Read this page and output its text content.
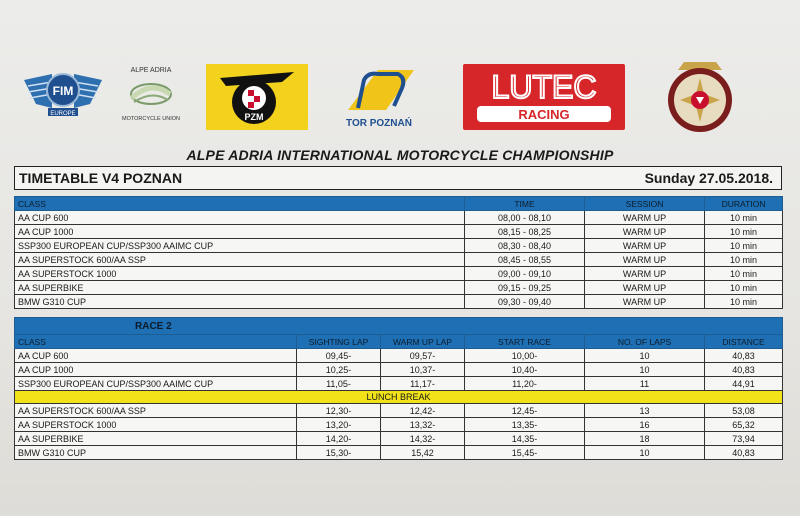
FIM
EUROPE
ALPE ADRIA
MOTORCYCLE UNION	PZM
TOR POZNAŃ
LUTEC
RACING
ALPE ADRIA INTERNATIONAL MOTORCYCLE CHAMPIONSHIP
TIMETABLE V4 POZNAN	Sunday 27.05.2018.

CLASS			TIME	SESSION	DURATION
AA CUP 600			08,00 - 08,10	WARM UP	10 min
AA CUP 1000			08,15 - 08,25	WARM UP	10 min
SSP300 EUROPEAN CUP/SSP300 AAIMC CUP			08,30 - 08,40	WARM UP	10 min
AA SUPERSTOCK 600/AA SSP			08,45 - 08,55	WARM UP	10 min
AA SUPERSTOCK 1000			09,00 - 09,10	WARM UP	10 min
AA SUPERBIKE			09,15 - 09,25	WARM UP	10 min
BMW G310 CUP			09,30 - 09,40	WARM UP	10 min

RACE 2					
CLASS	SIGHTING LAP	WARM UP LAP	START RACE	NO. OF LAPS	DISTANCE
AA CUP 600	09,45-	09,57-	10,00-	10	40,83
AA CUP 1000	10,25-	10,37-	10,40-	10	40,83
SSP300 EUROPEAN CUP/SSP300 AAIMC CUP	11,05-	11,17-	11,20-	11	44,91
LUNCH BREAK					
AA SUPERSTOCK 600/AA SSP	12,30-	12,42-	12,45-	13	53,08
AA SUPERSTOCK 1000	13,20-	13,32-	13,35-	16	65,32
AA SUPERBIKE	14,20-	14,32-	14,35-	18	73,94
BMW G310 CUP	15,30-	15,42	15,45-	10	40,83
